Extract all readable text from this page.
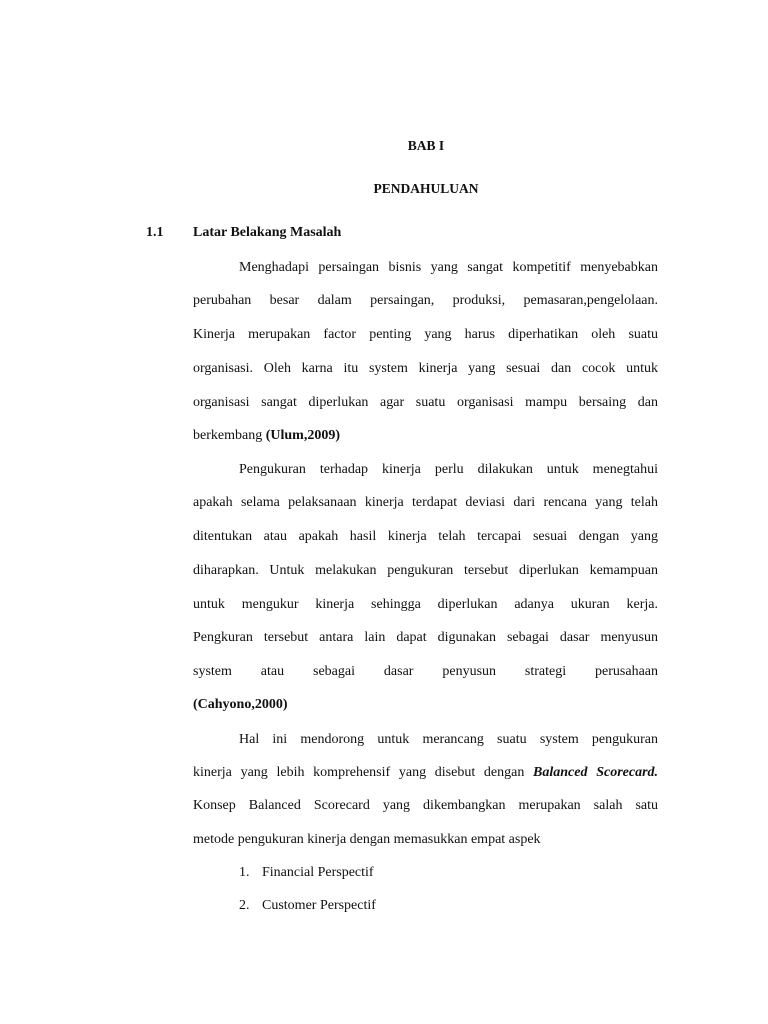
BAB I
PENDAHULUAN
1.1 Latar Belakang Masalah
Menghadapi persaingan bisnis yang sangat kompetitif menyebabkan
perubahan besar dalam persaingan, produksi, pemasaran,pengelolaan.
Kinerja merupakan factor penting yang harus diperhatikan oleh suatu
organisasi. Oleh karna itu system kinerja yang sesuai dan cocok untuk
organisasi sangat diperlukan agar suatu organisasi mampu bersaing dan
berkembang (Ulum,2009)
Pengukuran terhadap kinerja perlu dilakukan untuk menegtahui
apakah selama pelaksanaan kinerja terdapat deviasi dari rencana yang telah
ditentukan atau apakah hasil kinerja telah tercapai sesuai dengan yang
diharapkan. Untuk melakukan pengukuran tersebut diperlukan kemampuan
untuk mengukur kinerja sehingga diperlukan adanya ukuran kerja.
Pengkuran tersebut antara lain dapat digunakan sebagai dasar menyusun
system atau sebagai dasar penyusun strategi perusahaan
(Cahyono,2000)
Hal ini mendorong untuk merancang suatu system pengukuran
kinerja yang lebih komprehensif yang disebut dengan Balanced Scorecard.
Konsep Balanced Scorecard yang dikembangkan merupakan salah satu
metode pengukuran kinerja dengan memasukkan empat aspek
1. Financial Perspectif
2. Customer Perspectif
